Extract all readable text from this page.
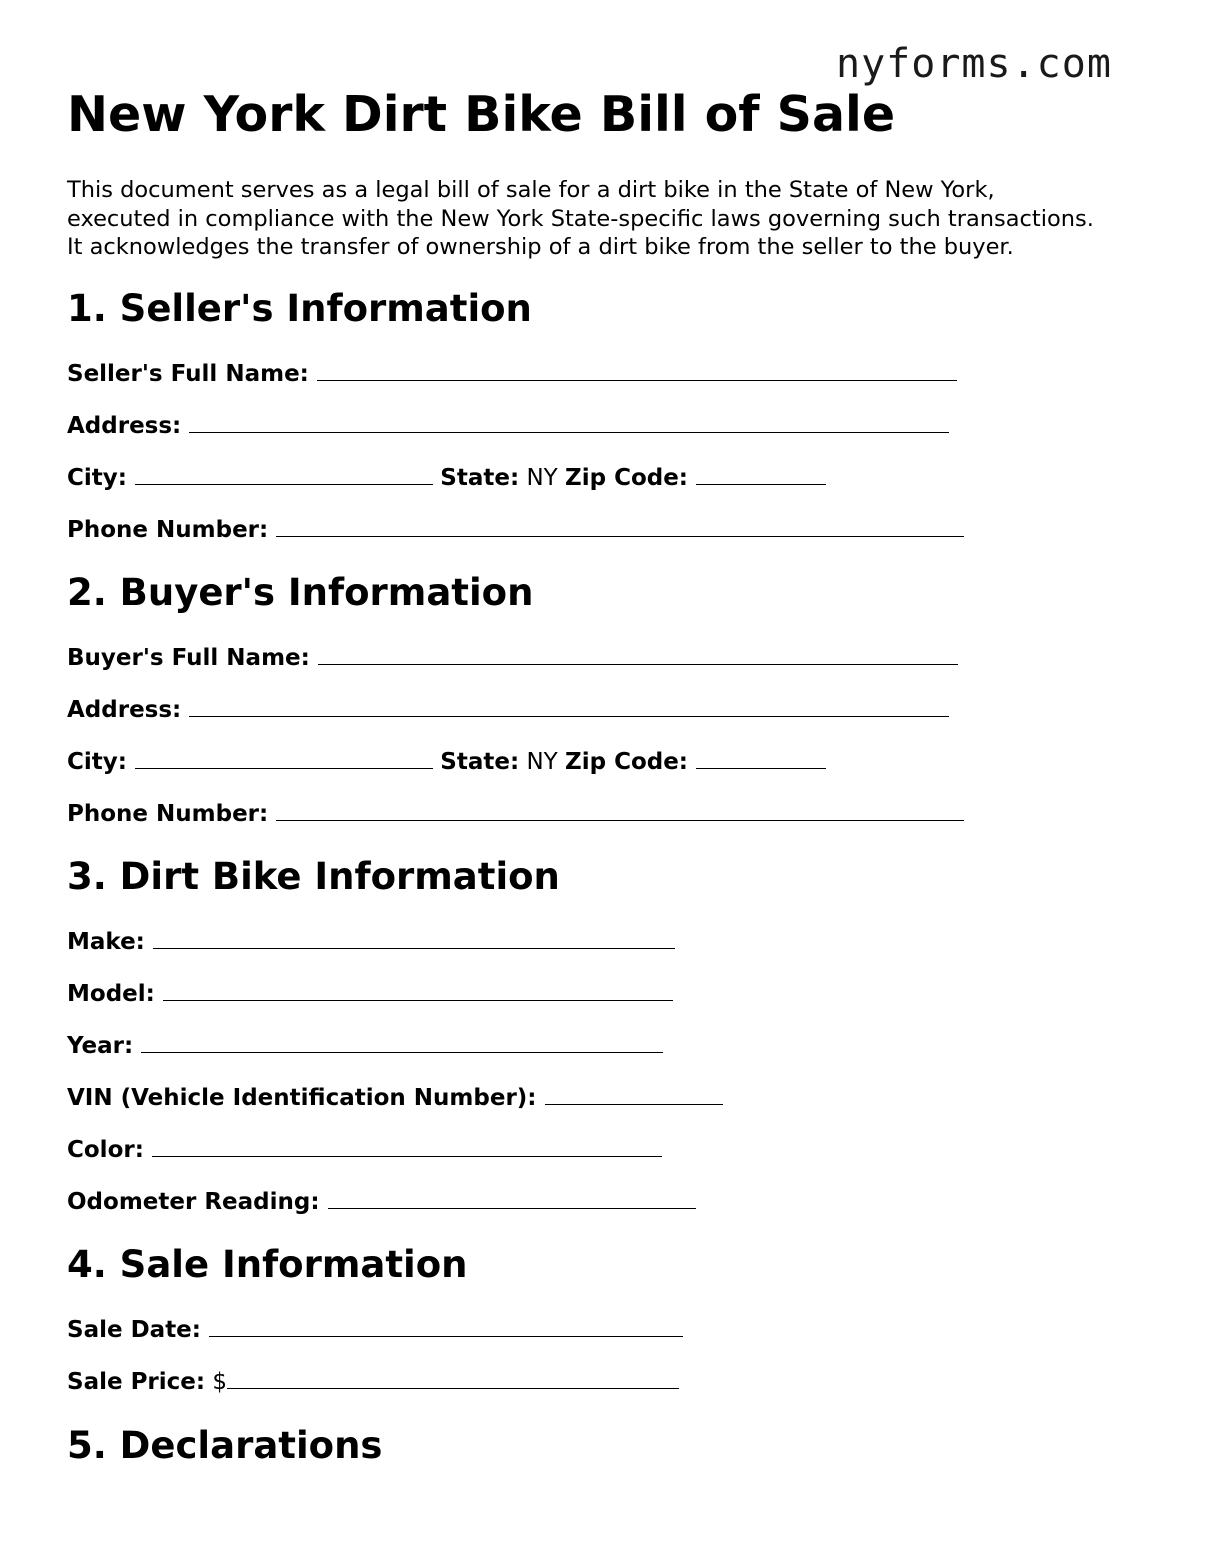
nyforms.com
New York Dirt Bike Bill of Sale
This document serves as a legal bill of sale for a dirt bike in the State of New York,
executed in compliance with the New York State-specific laws governing such transactions.
It acknowledges the transfer of ownership of a dirt bike from the seller to the buyer.
1. Seller's Information
Seller's Full Name:
Address:
City:	State: NY Zip Code:
Phone Number:
2. Buyer's Information
Buyer's Full Name:
Address:
City:	State: NY Zip Code:
Phone Number:
3. Dirt Bike Information
Make:
Model:
Year:
VIN (Vehicle Identification Number):
Color:
Odometer Reading:
4. Sale Information
Sale Date:
Sale Price: $
5. Declarations
